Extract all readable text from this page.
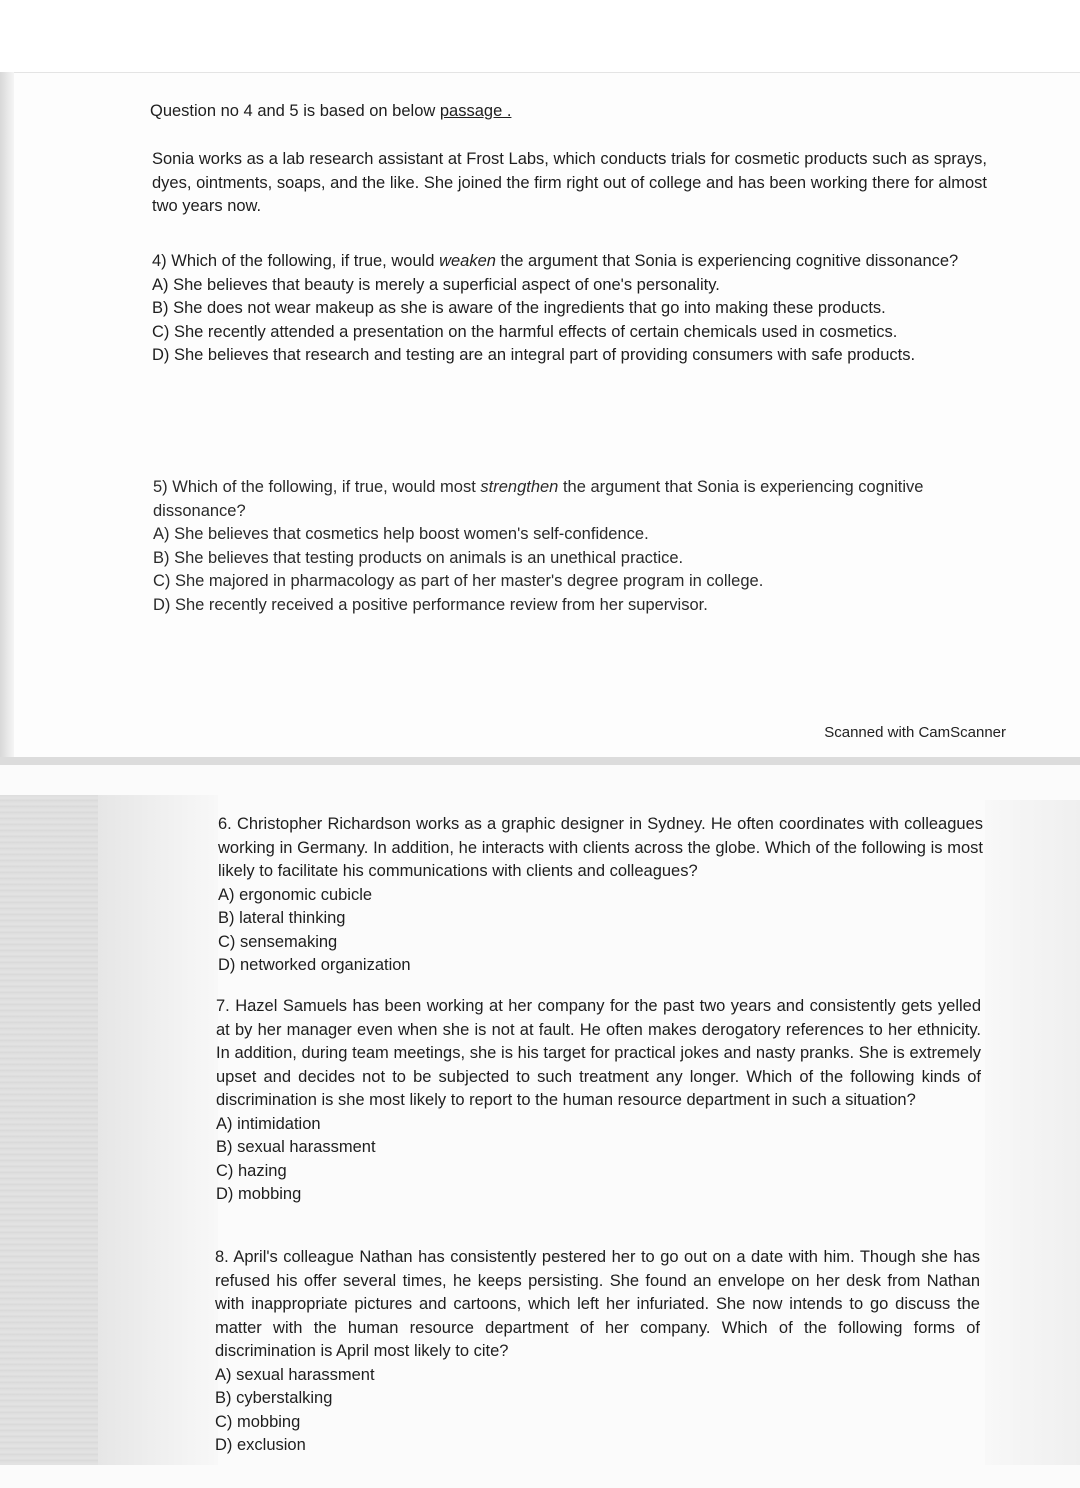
Question no 4 and 5 is based on below passage .

Sonia works as a lab research assistant at Frost Labs, which conducts trials for cosmetic products such as sprays, dyes, ointments, soaps, and the like. She joined the firm right out of college and has been working there for almost two years now.

4) Which of the following, if true, would weaken the argument that Sonia is experiencing cognitive dissonance?

A) She believes that beauty is merely a superficial aspect of one's personality.

B) She does not wear makeup as she is aware of the ingredients that go into making these products.

C) She recently attended a presentation on the harmful effects of certain chemicals used in cosmetics.

D) She believes that research and testing are an integral part of providing consumers with safe products.

5) Which of the following, if true, would most strengthen the argument that Sonia is experiencing cognitive dissonance?

A) She believes that cosmetics help boost women's self-confidence.

B) She believes that testing products on animals is an unethical practice.

C) She majored in pharmacology as part of her master's degree program in college.

D) She recently received a positive performance review from her supervisor.

Scanned with CamScanner

6. Christopher Richardson works as a graphic designer in Sydney. He often coordinates with colleagues working in Germany. In addition, he interacts with clients across the globe. Which of the following is most likely to facilitate his communications with clients and colleagues?

A) ergonomic cubicle

B) lateral thinking

C) sensemaking

D) networked organization

7. Hazel Samuels has been working at her company for the past two years and consistently gets yelled at by her manager even when she is not at fault. He often makes derogatory references to her ethnicity. In addition, during team meetings, she is his target for practical jokes and nasty pranks. She is extremely upset and decides not to be subjected to such treatment any longer. Which of the following kinds of discrimination is she most likely to report to the human resource department in such a situation?

A) intimidation

B) sexual harassment

C) hazing

D) mobbing

8. April's colleague Nathan has consistently pestered her to go out on a date with him. Though she has refused his offer several times, he keeps persisting. She found an envelope on her desk from Nathan with inappropriate pictures and cartoons, which left her infuriated. She now intends to go discuss the matter with the human resource department of her company. Which of the following forms of discrimination is April most likely to cite?

A) sexual harassment

B) cyberstalking

C) mobbing

D) exclusion
